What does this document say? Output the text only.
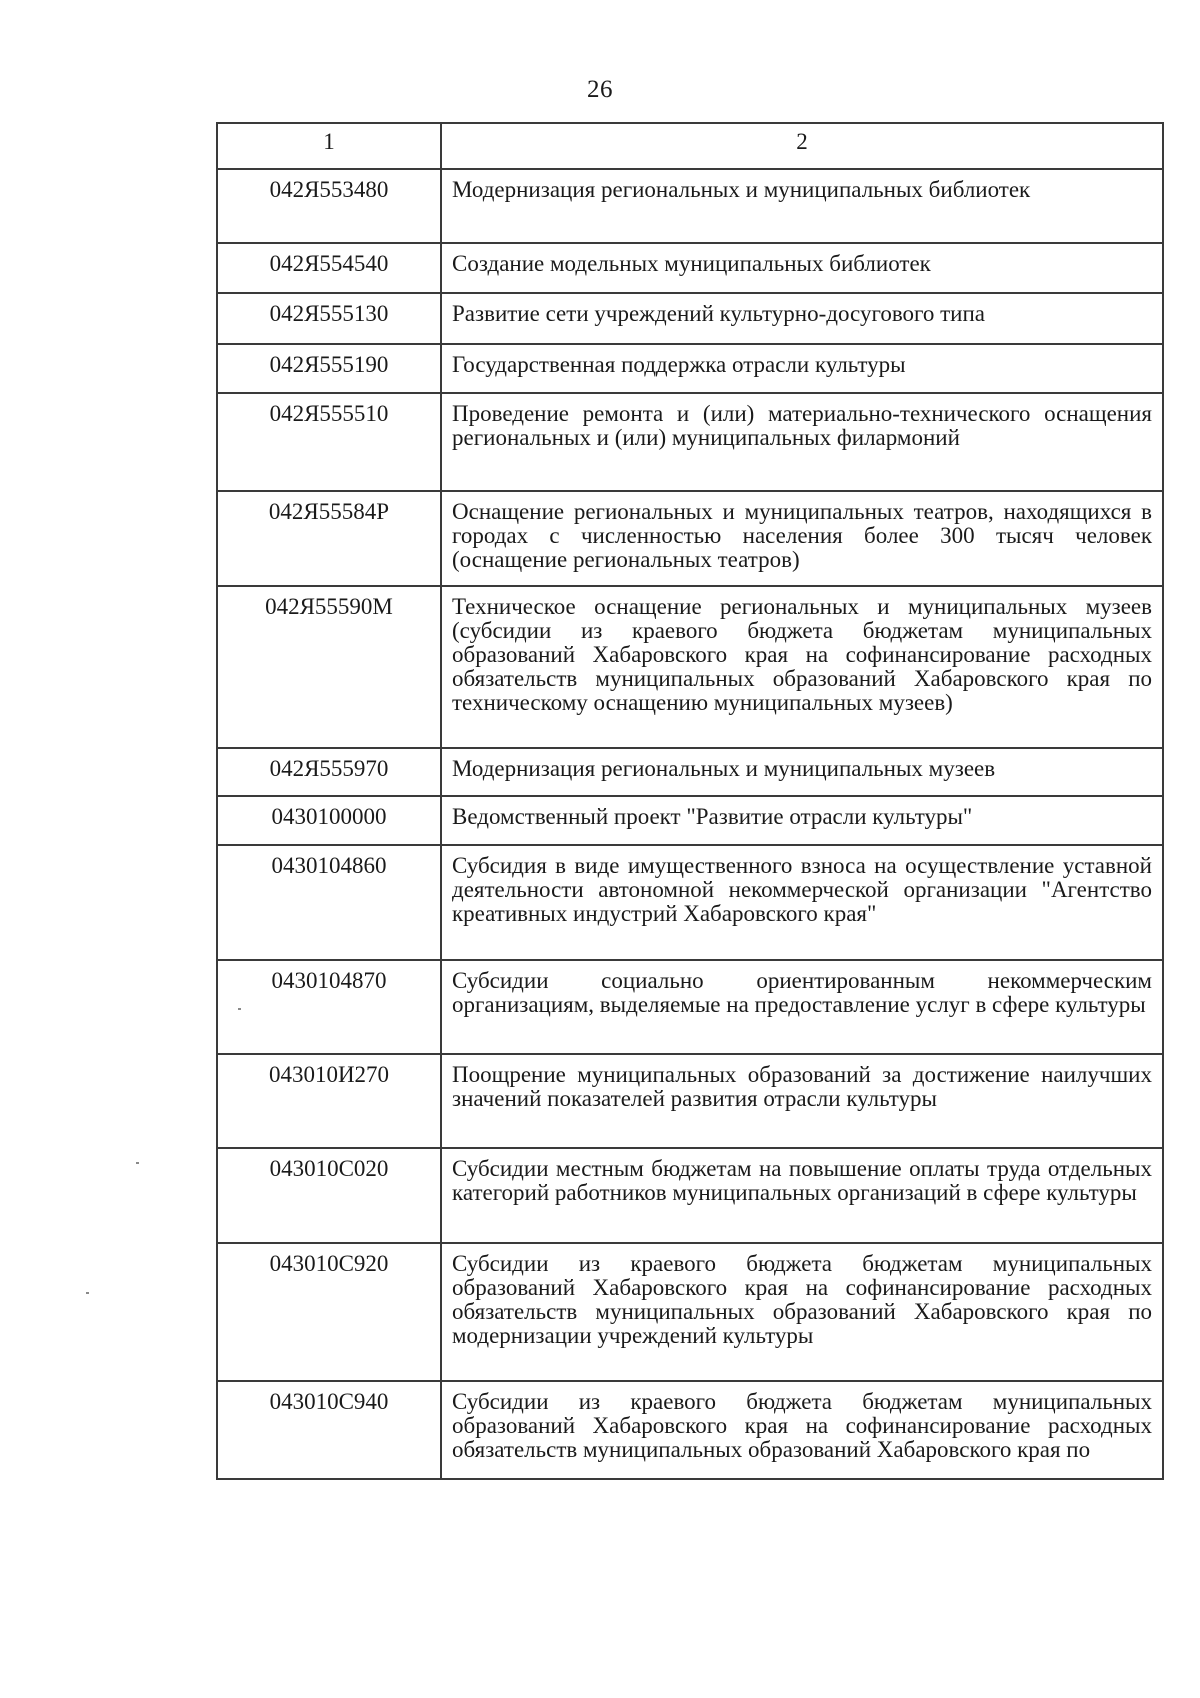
26
1	2
042Я553480	Модернизация региональных и муниципальных библиотек
042Я554540	Создание модельных муниципальных библиотек
042Я555130	Развитие сети учреждений культурно-досугового типа
042Я555190	Государственная поддержка отрасли культуры
042Я555510	Проведение ремонта и (или) материально-технического оснащения региональных и (или) муниципальных филармоний
042Я55584Р	Оснащение региональных и муниципальных театров, находящихся в городах с численностью населения более 300 тысяч человек (оснащение региональных театров)
042Я55590М	Техническое оснащение региональных и муниципальных музеев (субсидии из краевого бюджета бюджетам муниципальных образований Хабаровского края на софинансирование расходных обязательств муниципальных образований Хабаровского края по техническому оснащению муниципальных музеев)
042Я555970	Модернизация региональных и муниципальных музеев
0430100000	Ведомственный проект "Развитие отрасли культуры"
0430104860	Субсидия в виде имущественного взноса на осуществление уставной деятельности автономной некоммерческой организации "Агентство креативных индустрий Хабаровского края"
0430104870	Субсидии социально ориентированным некоммерческим организациям, выделяемые на предоставление услуг в сфере культуры
043010И270	Поощрение муниципальных образований за достижение наилучших значений показателей развития отрасли культуры
043010С020	Субсидии местным бюджетам на повышение оплаты труда отдельных категорий работников муниципальных организаций в сфере культуры
043010С920	Субсидии из краевого бюджета бюджетам муниципальных образований Хабаровского края на софинансирование расходных обязательств муниципальных образований Хабаровского края по модернизации учреждений культуры
043010С940	Субсидии из краевого бюджета бюджетам муниципальных образований Хабаровского края на софинансирование расходных обязательств муниципальных образований Хабаровского края по
